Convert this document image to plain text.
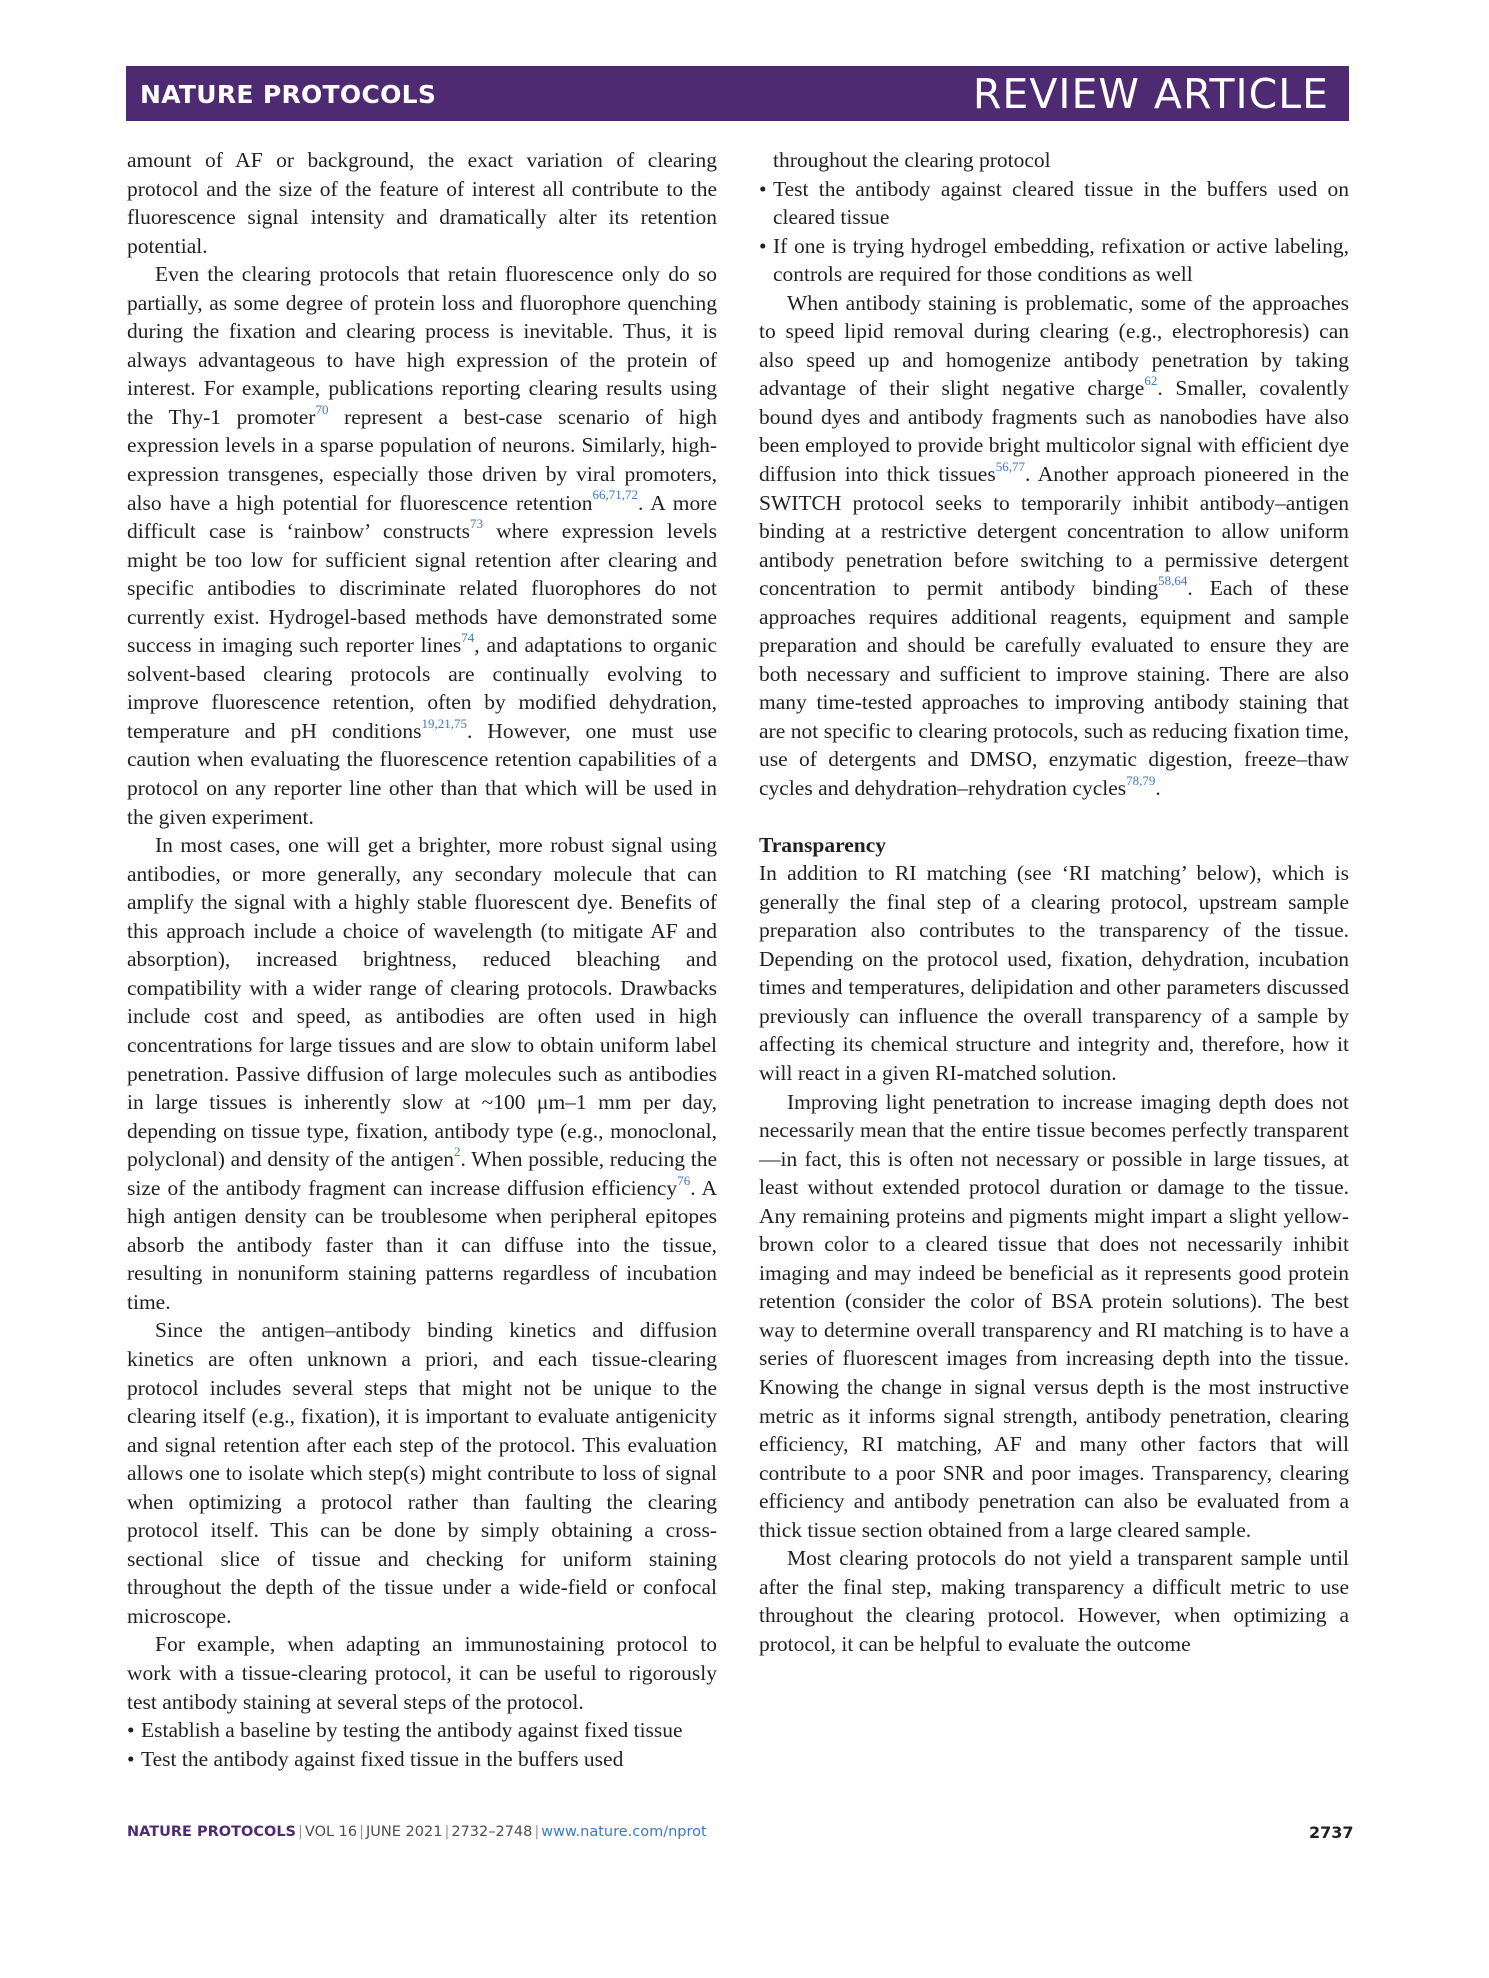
NATURE PROTOCOLS	REVIEW ARTICLE

amount of AF or background, the exact variation of clearing protocol and the size of the feature of interest all contribute to the fluorescence signal intensity and dramatically alter its retention potential.

Even the clearing protocols that retain fluorescence only do so partially, as some degree of protein loss and fluorophore quenching during the fixation and clearing process is inevitable. Thus, it is always advantageous to have high expression of the protein of interest. For example, publications reporting clearing results using the Thy-1 promoter$^{70}$ represent a best-case scenario of high expression levels in a sparse population of neurons. Similarly, high-expression transgenes, especially those driven by viral promoters, also have a high potential for fluorescence retention$^{66,71,72}$. A more difficult case is ‘rainbow’ constructs$^{73}$ where expression levels might be too low for sufficient signal retention after clearing and specific antibodies to discriminate related fluorophores do not currently exist. Hydrogel-based methods have demonstrated some success in imaging such reporter lines$^{74}$, and adaptations to organic solvent-based clearing protocols are continually evolving to improve fluorescence retention, often by modified dehydration, temperature and pH conditions$^{19,21,75}$. However, one must use caution when evaluating the fluorescence retention capabilities of a protocol on any reporter line other than that which will be used in the given experiment.

In most cases, one will get a brighter, more robust signal using antibodies, or more generally, any secondary molecule that can amplify the signal with a highly stable fluorescent dye. Benefits of this approach include a choice of wavelength (to mitigate AF and absorption), increased brightness, reduced bleaching and compatibility with a wider range of clearing protocols. Drawbacks include cost and speed, as antibodies are often used in high concentrations for large tissues and are slow to obtain uniform label penetration. Passive diffusion of large molecules such as antibodies in large tissues is inherently slow at ~100 μm–1 mm per day, depending on tissue type, fixation, antibody type (e.g., monoclonal, polyclonal) and density of the antigen$^2$. When possible, reducing the size of the antibody fragment can increase diffusion efficiency$^{76}$. A high antigen density can be troublesome when peripheral epitopes absorb the antibody faster than it can diffuse into the tissue, resulting in nonuniform staining patterns regardless of incubation time.

Since the antigen–antibody binding kinetics and diffusion kinetics are often unknown a priori, and each tissue-clearing protocol includes several steps that might not be unique to the clearing itself (e.g., fixation), it is important to evaluate antigenicity and signal retention after each step of the protocol. This evaluation allows one to isolate which step(s) might contribute to loss of signal when optimizing a protocol rather than faulting the clearing protocol itself. This can be done by simply obtaining a cross-sectional slice of tissue and checking for uniform staining throughout the depth of the tissue under a wide-field or confocal microscope.

For example, when adapting an immunostaining protocol to work with a tissue-clearing protocol, it can be useful to rigorously test antibody staining at several steps of the protocol.

• Establish a baseline by testing the antibody against fixed tissue

• Test the antibody against fixed tissue in the buffers used

throughout the clearing protocol

• Test the antibody against cleared tissue in the buffers used on cleared tissue

• If one is trying hydrogel embedding, refixation or active labeling, controls are required for those conditions as well

When antibody staining is problematic, some of the approaches to speed lipid removal during clearing (e.g., electrophoresis) can also speed up and homogenize antibody penetration by taking advantage of their slight negative charge$^{62}$. Smaller, covalently bound dyes and antibody fragments such as nanobodies have also been employed to provide bright multicolor signal with efficient dye diffusion into thick tissues$^{56,77}$. Another approach pioneered in the SWITCH protocol seeks to temporarily inhibit antibody–antigen binding at a restrictive detergent concentration to allow uniform antibody penetration before switching to a permissive detergent concentration to permit antibody binding$^{58,64}$. Each of these approaches requires additional reagents, equipment and sample preparation and should be carefully evaluated to ensure they are both necessary and sufficient to improve staining. There are also many time-tested approaches to improving antibody staining that are not specific to clearing protocols, such as reducing fixation time, use of detergents and DMSO, enzymatic digestion, freeze–thaw cycles and dehydration–rehydration cycles$^{78,79}$.

Transparency

In addition to RI matching (see ‘RI matching’ below), which is generally the final step of a clearing protocol, upstream sample preparation also contributes to the transparency of the tissue. Depending on the protocol used, fixation, dehydration, incubation times and temperatures, delipidation and other parameters discussed previously can influence the overall transparency of a sample by affecting its chemical structure and integrity and, therefore, how it will react in a given RI-matched solution.

Improving light penetration to increase imaging depth does not necessarily mean that the entire tissue becomes perfectly transparent—in fact, this is often not necessary or possible in large tissues, at least without extended protocol duration or damage to the tissue. Any remaining proteins and pigments might impart a slight yellow-brown color to a cleared tissue that does not necessarily inhibit imaging and may indeed be beneficial as it represents good protein retention (consider the color of BSA protein solutions). The best way to determine overall transparency and RI matching is to have a series of fluorescent images from increasing depth into the tissue. Knowing the change in signal versus depth is the most instructive metric as it informs signal strength, antibody penetration, clearing efficiency, RI matching, AF and many other factors that will contribute to a poor SNR and poor images. Transparency, clearing efficiency and antibody penetration can also be evaluated from a thick tissue section obtained from a large cleared sample.

Most clearing protocols do not yield a transparent sample until after the final step, making transparency a difficult metric to use throughout the clearing protocol. However, when optimizing a protocol, it can be helpful to evaluate the outcome

NATURE PROTOCOLS | VOL 16 | JUNE 2021 | 2732–2748 | www.nature.com/nprot	2737
